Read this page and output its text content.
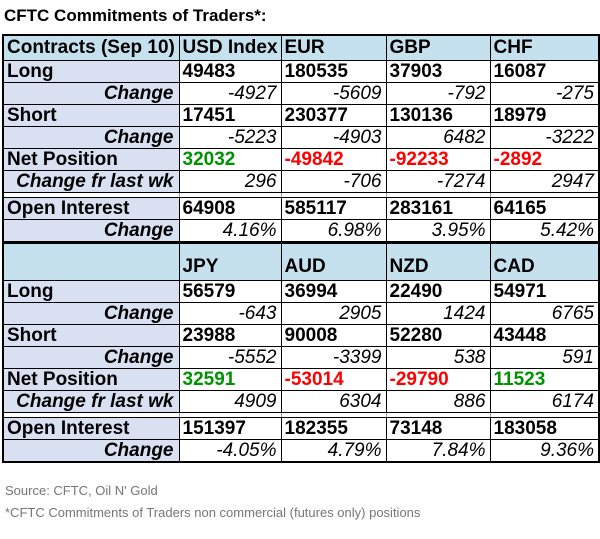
CFTC Commitments of Traders*:
Contracts (Sep 10)	USD Index	EUR	GBP	CHF
Long	49483	180535	37903	16087
Change	-4927	-5609	-792	-275
Short	17451	230377	130136	18979
Change	-5223	-4903	6482	-3222
Net Position	32032	-49842	-92233	-2892
Change fr last wk	296	-706	-7274	2947

Open Interest	64908	585117	283161	64165
Change	4.16%	6.98%	3.95%	5.42%
	JPY	AUD	NZD	CAD
Long	56579	36994	22490	54971
Change	-643	2905	1424	6765
Short	23988	90008	52280	43448
Change	-5552	-3399	538	591
Net Position	32591	-53014	-29790	11523
Change fr last wk	4909	6304	886	6174

Open Interest	151397	182355	73148	183058
Change	-4.05%	4.79%	7.84%	9.36%
Source: CFTC, Oil N' Gold
*CFTC Commitments of Traders non commercial (futures only) positions
